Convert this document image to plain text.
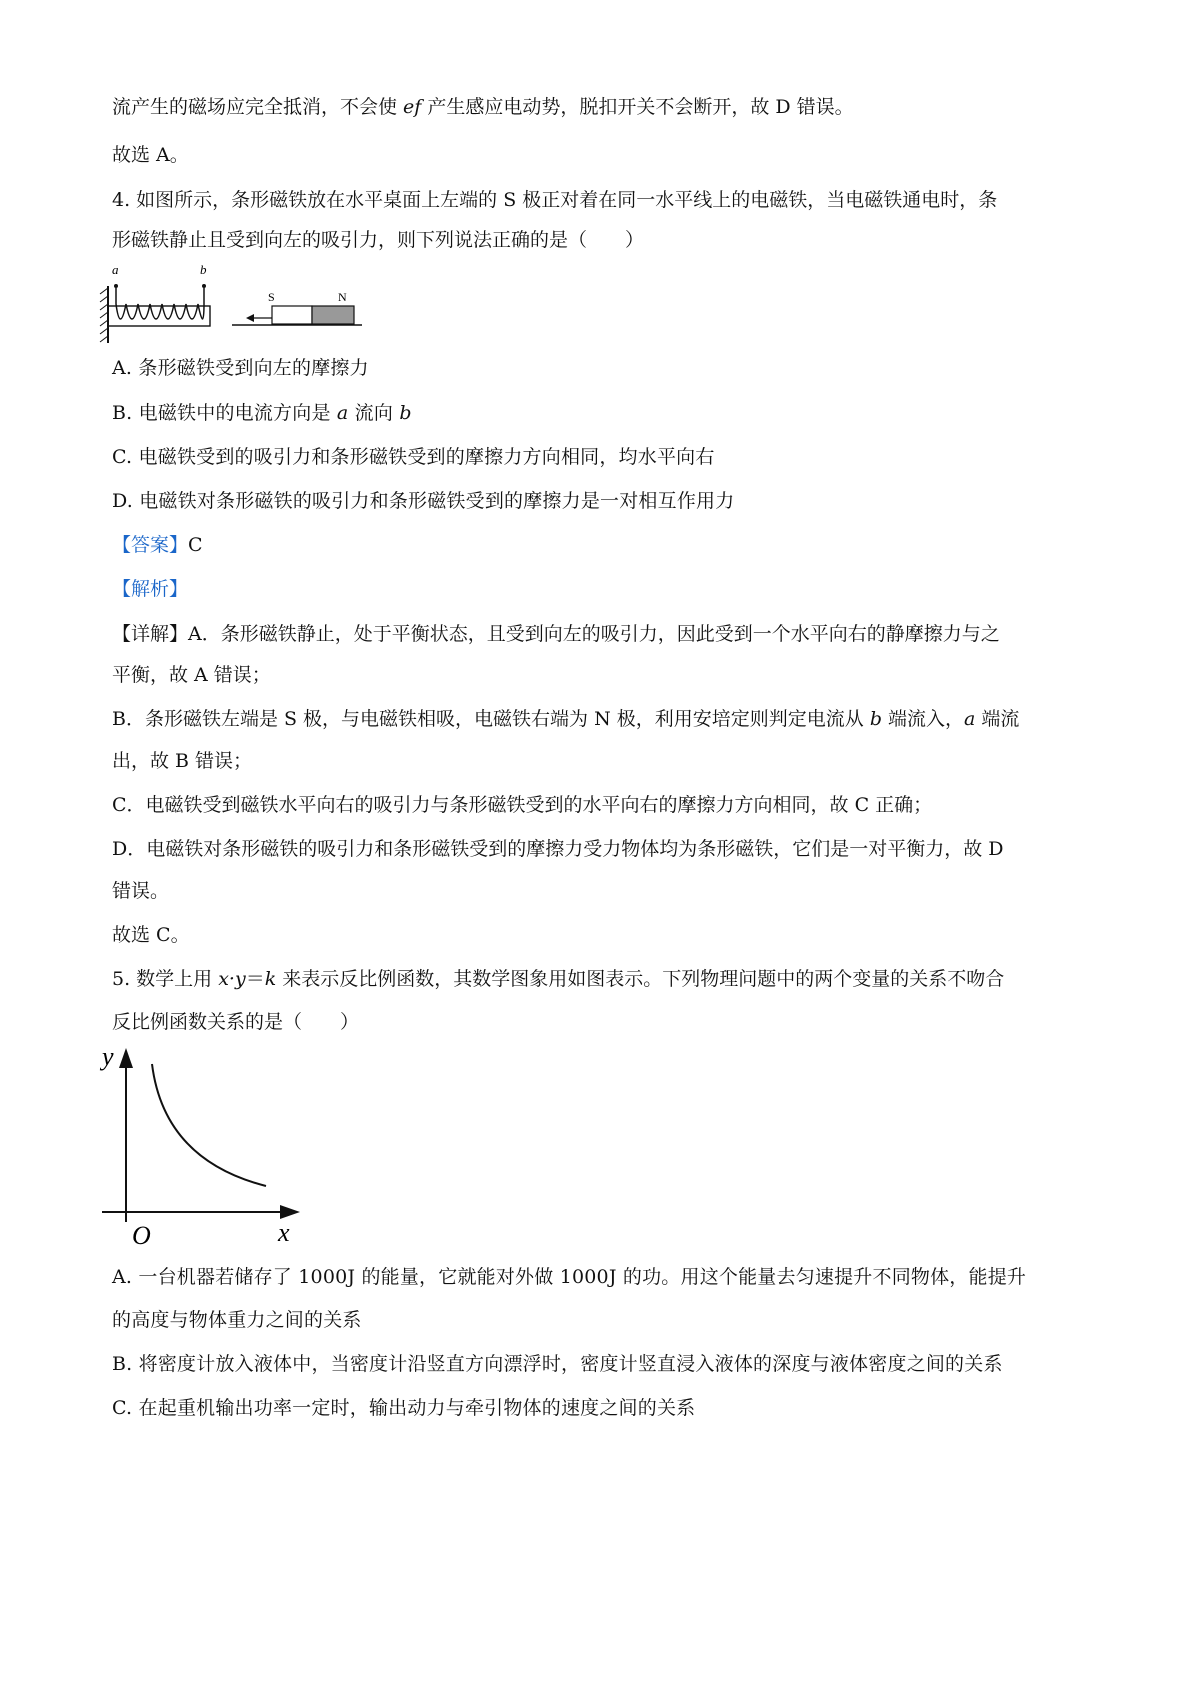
流产生的磁场应完全抵消，不会使 ef 产生感应电动势，脱扣开关不会断开，故 D 错误。
故选 A。
4. 如图所示，条形磁铁放在水平桌面上左端的 S 极正对着在同一水平线上的电磁铁，当电磁铁通电时，条
形磁铁静止且受到向左的吸引力，则下列说法正确的是（　　）
a	b
S	N
A. 条形磁铁受到向左的摩擦力
B. 电磁铁中的电流方向是 a 流向 b
C. 电磁铁受到的吸引力和条形磁铁受到的摩擦力方向相同，均水平向右
D. 电磁铁对条形磁铁的吸引力和条形磁铁受到的摩擦力是一对相互作用力
【答案】C
【解析】
【详解】A．条形磁铁静止，处于平衡状态，且受到向左的吸引力，因此受到一个水平向右的静摩擦力与之
平衡，故 A 错误；
B．条形磁铁左端是 S 极，与电磁铁相吸，电磁铁右端为 N 极，利用安培定则判定电流从 b 端流入，a 端流
出，故 B 错误；
C．电磁铁受到磁铁水平向右的吸引力与条形磁铁受到的水平向右的摩擦力方向相同，故 C 正确；
D．电磁铁对条形磁铁的吸引力和条形磁铁受到的摩擦力受力物体均为条形磁铁，它们是一对平衡力，故 D
错误。
故选 C。
5. 数学上用 x·y＝k 来表示反比例函数，其数学图象用如图表示。下列物理问题中的两个变量的关系不吻合
反比例函数关系的是（　　）
y
O	x
A. 一台机器若储存了 1000J 的能量，它就能对外做 1000J 的功。用这个能量去匀速提升不同物体，能提升
的高度与物体重力之间的关系
B. 将密度计放入液体中，当密度计沿竖直方向漂浮时，密度计竖直浸入液体的深度与液体密度之间的关系
C. 在起重机输出功率一定时，输出动力与牵引物体的速度之间的关系
